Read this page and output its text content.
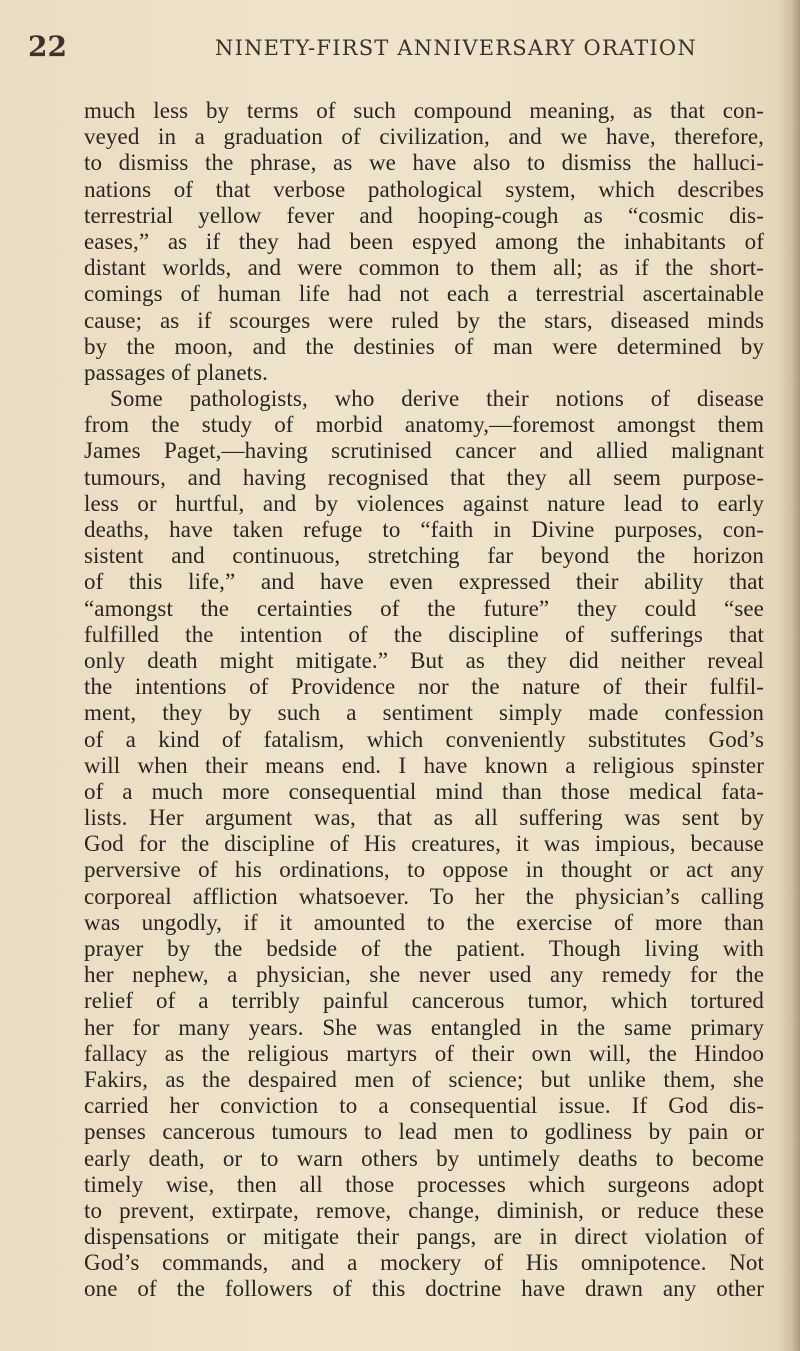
22	NINETY-FIRST ANNIVERSARY ORATION
much less by terms of such compound meaning, as that con-
veyed in a graduation of civilization, and we have, therefore,
to dismiss the phrase, as we have also to dismiss the halluci-
nations of that verbose pathological system, which describes
terrestrial yellow fever and hooping-cough as “cosmic dis-
eases,” as if they had been espyed among the inhabitants of
distant worlds, and were common to them all; as if the short-
comings of human life had not each a terrestrial ascertainable
cause; as if scourges were ruled by the stars, diseased minds
by the moon, and the destinies of man were determined by
passages of planets.
Some pathologists, who derive their notions of disease
from the study of morbid anatomy,—foremost amongst them
James Paget,—having scrutinised cancer and allied malignant
tumours, and having recognised that they all seem purpose-
less or hurtful, and by violences against nature lead to early
deaths, have taken refuge to “faith in Divine purposes, con-
sistent and continuous, stretching far beyond the horizon
of this life,” and have even expressed their ability that
“amongst the certainties of the future” they could “see
fulfilled the intention of the discipline of sufferings that
only death might mitigate.” But as they did neither reveal
the intentions of Providence nor the nature of their fulfil-
ment, they by such a sentiment simply made confession
of a kind of fatalism, which conveniently substitutes God’s
will when their means end. I have known a religious spinster
of a much more consequential mind than those medical fata-
lists. Her argument was, that as all suffering was sent by
God for the discipline of His creatures, it was impious, because
perversive of his ordinations, to oppose in thought or act any
corporeal affliction whatsoever. To her the physician’s calling
was ungodly, if it amounted to the exercise of more than
prayer by the bedside of the patient. Though living with
her nephew, a physician, she never used any remedy for the
relief of a terribly painful cancerous tumor, which tortured
her for many years. She was entangled in the same primary
fallacy as the religious martyrs of their own will, the Hindoo
Fakirs, as the despaired men of science; but unlike them, she
carried her conviction to a consequential issue. If God dis-
penses cancerous tumours to lead men to godliness by pain or
early death, or to warn others by untimely deaths to become
timely wise, then all those processes which surgeons adopt
to prevent, extirpate, remove, change, diminish, or reduce these
dispensations or mitigate their pangs, are in direct violation of
God’s commands, and a mockery of His omnipotence. Not
one of the followers of this doctrine have drawn any other
